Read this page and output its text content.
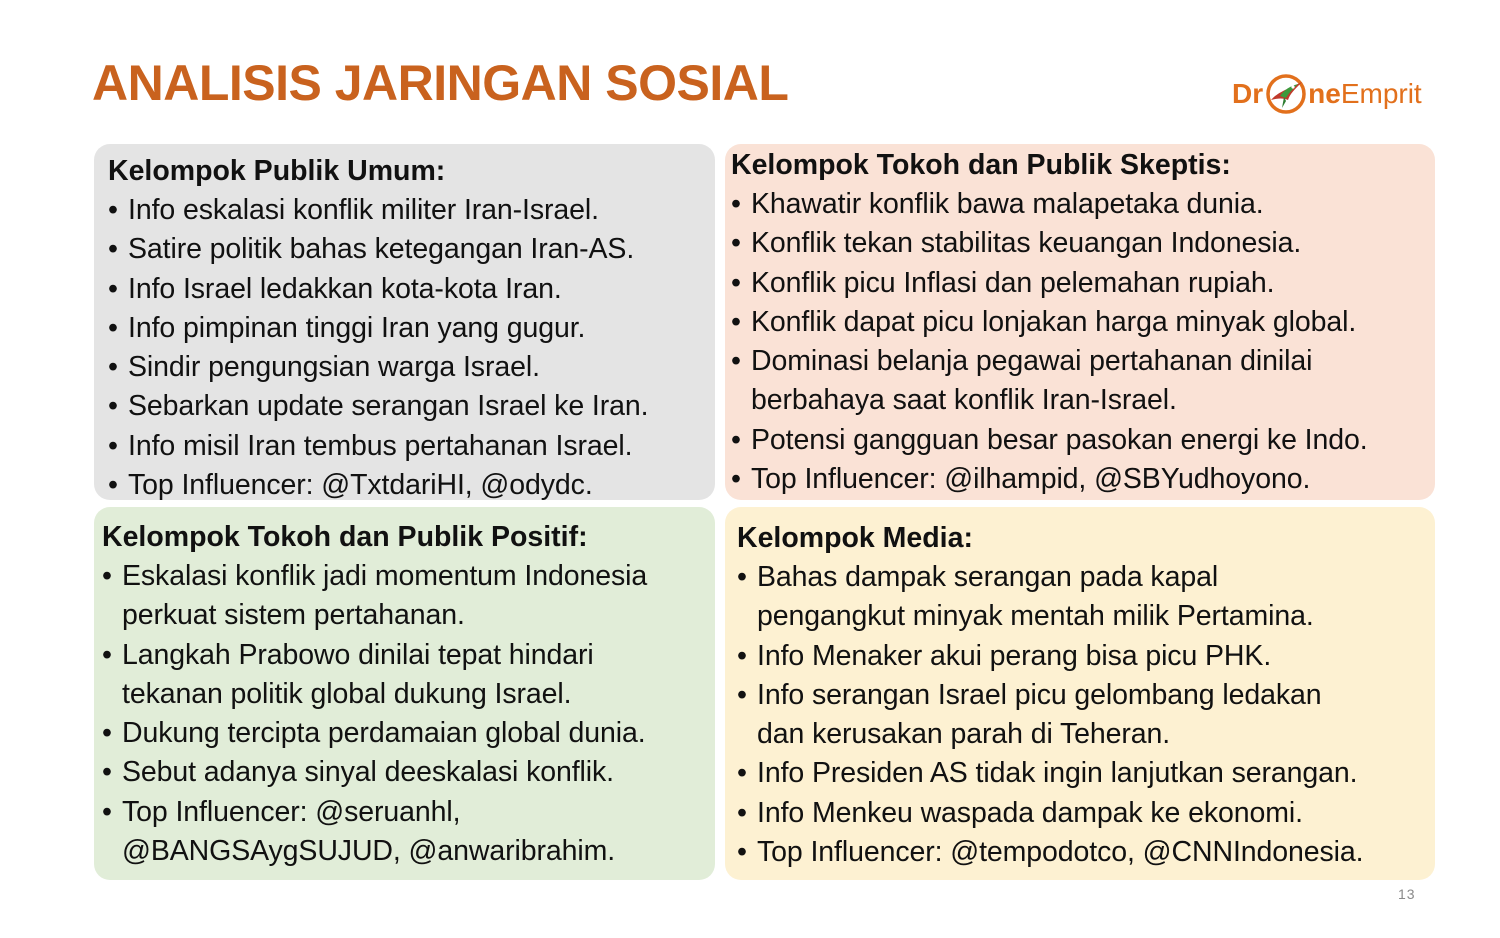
ANALISIS JARINGAN SOSIAL	Dr ne Emprit
Kelompok Publik Umum:
• Info eskalasi konflik militer Iran-Israel.
• Satire politik bahas ketegangan Iran-AS.
• Info Israel ledakkan kota-kota Iran.
• Info pimpinan tinggi Iran yang gugur.
• Sindir pengungsian warga Israel.
• Sebarkan update serangan Israel ke Iran.
• Info misil Iran tembus pertahanan Israel.
• Top Influencer: @TxtdariHI, @odydc.
Kelompok Tokoh dan Publik Skeptis:
• Khawatir konflik bawa malapetaka dunia.
• Konflik tekan stabilitas keuangan Indonesia.
• Konflik picu Inflasi dan pelemahan rupiah.
• Konflik dapat picu lonjakan harga minyak global.
• Dominasi belanja pegawai pertahanan dinilai
berbahaya saat konflik Iran-Israel.
• Potensi gangguan besar pasokan energi ke Indo.
• Top Influencer: @ilhampid, @SBYudhoyono.
Kelompok Tokoh dan Publik Positif:
• Eskalasi konflik jadi momentum Indonesia
perkuat sistem pertahanan.
• Langkah Prabowo dinilai tepat hindari
tekanan politik global dukung Israel.
• Dukung tercipta perdamaian global dunia.
• Sebut adanya sinyal deeskalasi konflik.
• Top Influencer: @seruanhl,
@BANGSAygSUJUD, @anwaribrahim.
Kelompok Media:
• Bahas dampak serangan pada kapal
pengangkut minyak mentah milik Pertamina.
• Info Menaker akui perang bisa picu PHK.
• Info serangan Israel picu gelombang ledakan
dan kerusakan parah di Teheran.
• Info Presiden AS tidak ingin lanjutkan serangan.
• Info Menkeu waspada dampak ke ekonomi.
• Top Influencer: @tempodotco, @CNNIndonesia.
13
